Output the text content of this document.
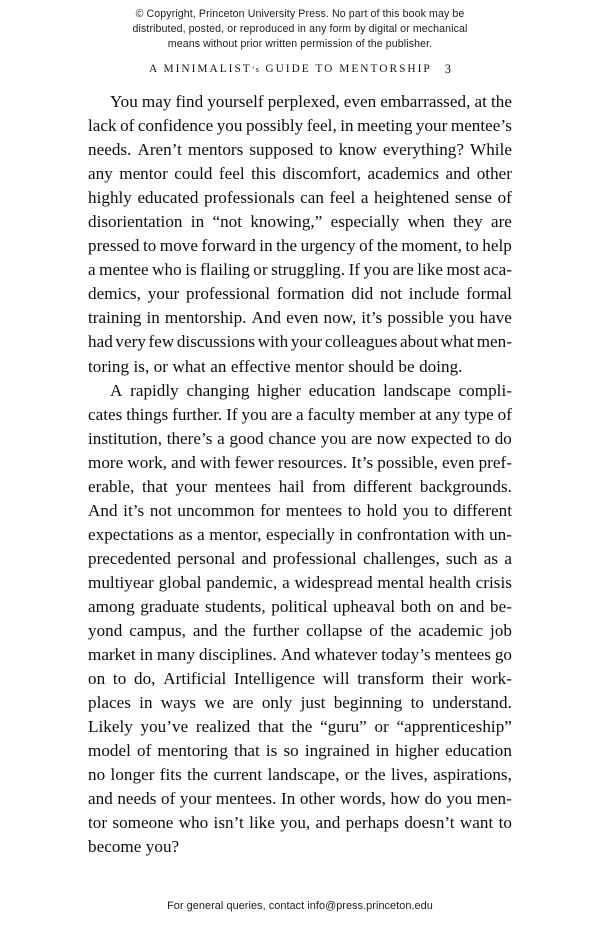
© Copyright, Princeton University Press. No part of this book may be
distributed, posted, or reproduced in any form by digital or mechanical
means without prior written permission of the publisher.
A MINIMALIST’s GUIDE TO MENTORSHIP 3
You may find yourself perplexed, even embarrassed, at the
lack of confidence you possibly feel, in meeting your mentee’s
needs. Aren’t mentors supposed to know everything? While
any mentor could feel this discomfort, academics and other
highly educated professionals can feel a heightened sense of
disorientation in “not knowing,” especially when they are
pressed to move forward in the urgency of the moment, to help
a mentee who is flailing or struggling. If you are like most aca-
demics, your professional formation did not include formal
training in mentorship. And even now, it’s possible you have
had very few discussions with your colleagues about what men-
toring is, or what an effective mentor should be doing.
A rapidly changing higher education landscape compli-
cates things further. If you are a faculty member at any type of
institution, there’s a good chance you are now expected to do
more work, and with fewer resources. It’s possible, even pref-
erable, that your mentees hail from different backgrounds.
And it’s not uncommon for mentees to hold you to different
expectations as a mentor, especially in confrontation with un-
precedented personal and professional challenges, such as a
multiyear global pandemic, a widespread mental health crisis
among graduate students, political upheaval both on and be-
yond campus, and the further collapse of the academic job
market in many disciplines. And whatever today’s mentees go
on to do, Artificial Intelligence will transform their work-
places in ways we are only just beginning to understand.
Likely you’ve realized that the “guru” or “apprenticeship”
model of mentoring that is so ingrained in higher education
no longer fits the current landscape, or the lives, aspirations,
and needs of your mentees. In other words, how do you men-
tor someone who isn’t like you, and perhaps doesn’t want to
become you?
For general queries, contact info@press.princeton.edu
